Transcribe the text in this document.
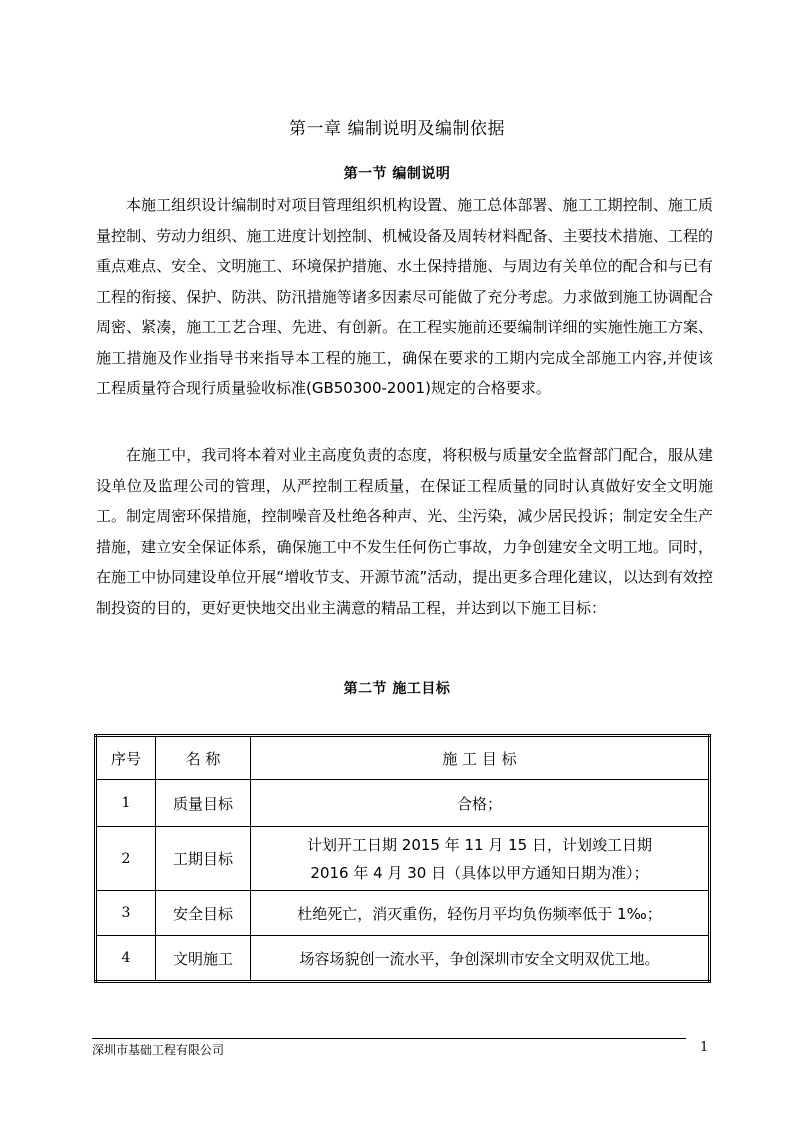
第一章 编制说明及编制依据
第一节 编制说明

本施工组织设计编制时对项目管理组织机构设置、施工总体部署、施工工期控制、施工质量控制、劳动力组织、施工进度计划控制、机械设备及周转材料配备、主要技术措施、工程的重点难点、安全、文明施工、环境保护措施、水土保持措施、与周边有关单位的配合和与已有工程的衔接、保护、防洪、防汛措施等诸多因素尽可能做了充分考虑。力求做到施工协调配合周密、紧凑，施工工艺合理、先进、有创新。在工程实施前还要编制详细的实施性施工方案、施工措施及作业指导书来指导本工程的施工，确保在要求的工期内完成全部施工内容,并使该工程质量符合现行质量验收标准(GB50300-2001)规定的合格要求。

在施工中，我司将本着对业主高度负责的态度，将积极与质量安全监督部门配合，服从建设单位及监理公司的管理，从严控制工程质量，在保证工程质量的同时认真做好安全文明施工。制定周密环保措施，控制噪音及杜绝各种声、光、尘污染，减少居民投诉；制定安全生产措施，建立安全保证体系，确保施工中不发生任何伤亡事故，力争创建安全文明工地。同时，在施工中协同建设单位开展“增收节支、开源节流”活动，提出更多合理化建议，以达到有效控制投资的目的，更好更快地交出业主满意的精品工程，并达到以下施工目标：

第二节 施工目标
序号	名 称	施 工 目 标
1	质量目标	合格；
2	工期目标	计划开工日期 2015 年 11 月 15 日，计划竣工日期
2016 年 4 月 30 日（具体以甲方通知日期为准）；

3	安全目标	杜绝死亡，消灭重伤，轻伤月平均负伤频率低于 1‰；
4	文明施工	场容场貌创一流水平，争创深圳市安全文明双优工地。
深圳市基础工程有限公司	1
